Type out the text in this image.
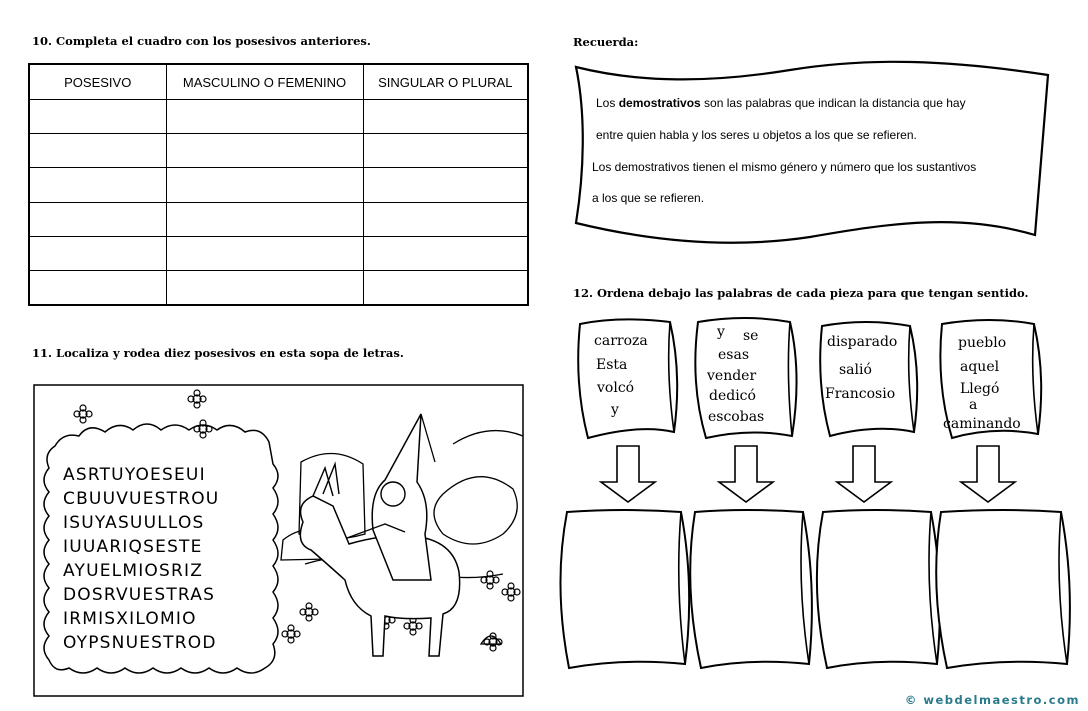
10. Completa el cuadro con los posesivos anteriores.
POSESIVO	MASCULINO O FEMENINO	SINGULAR O PLURAL

Recuerda:
Los demostrativos son las palabras que indican la distancia que hay
entre quien habla y los seres u objetos a los que se refieren.
Los demostrativos tienen el mismo género y número que los sustantivos
a los que se refieren.
11. Localiza y rodea diez posesivos en esta sopa de letras.
ASRTUYOESEUI
CBUUVUESTROU
ISUYASUULLOS
IUUARIQSESTE
AYUELMIOSRIZ
DOSRVUESTRAS
IRMISXILOMIO
OYPSNUESTROD
12. Ordena debajo las palabras de cada pieza para que tengan sentido.
carroza
Esta
volcó
y
y se
esas
vender
dedicó
escobas
disparado
salió
Francosio
pueblo
aquel
Llegó
a
caminando
© webdelmaestro.com
